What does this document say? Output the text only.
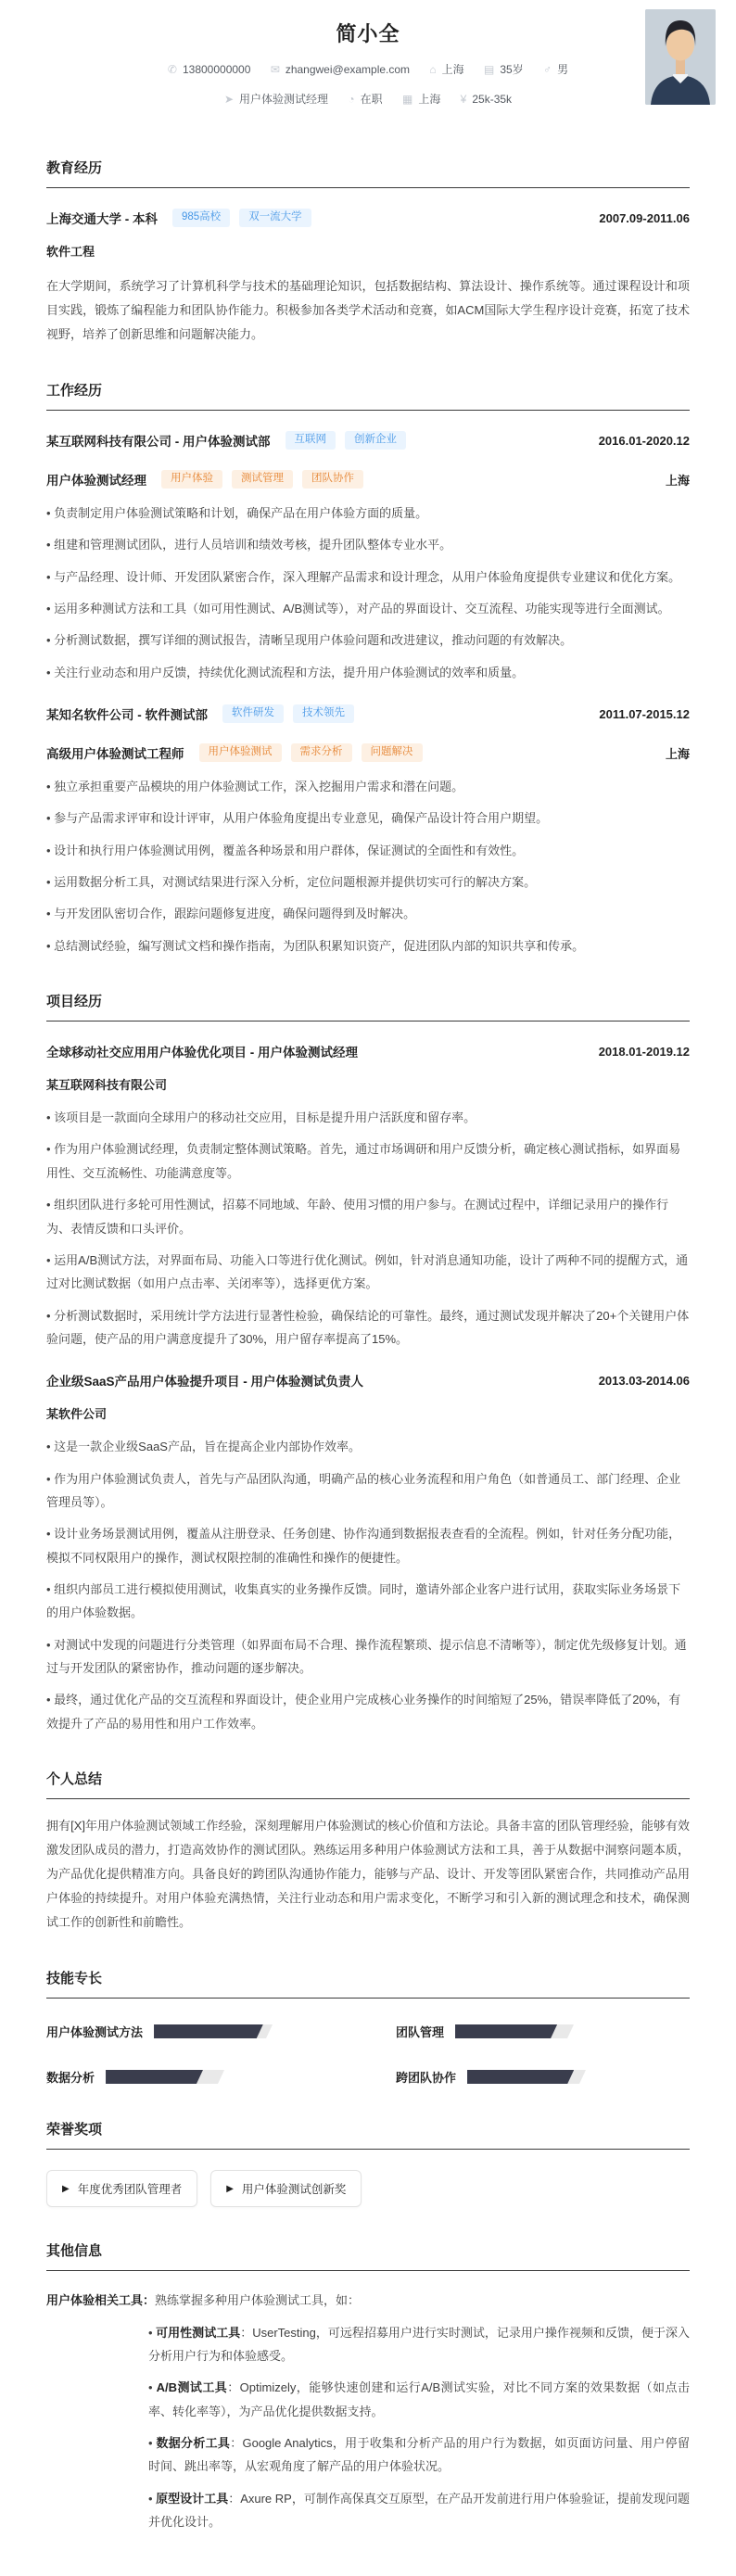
简小全
✆ 13800000000
✉ zhangwei@example.com
⌂ 上海
▤ 35岁
♂ 男
➤ 用户体验测试经理
◔ 在职
▦ 上海
¥ 25k-35k
教育经历
上海交通大学 - 本科	985高校	双一流大学	2007.09-2011.06
软件工程

在大学期间，系统学习了计算机科学与技术的基础理论知识，包括数据结构、算法设计、操作系统等。通过课程设计和项目实践，锻炼了编程能力和团队协作能力。积极参加各类学术活动和竞赛，如ACM国际大学生程序设计竞赛，拓宽了技术视野，培养了创新思维和问题解决能力。

工作经历
某互联网科技有限公司 - 用户体验测试部	互联网	创新企业	2016.01-2020.12
用户体验测试经理	用户体验	测试管理	团队协作	上海
• 负责制定用户体验测试策略和计划，确保产品在用户体验方面的质量。
• 组建和管理测试团队，进行人员培训和绩效考核，提升团队整体专业水平。
• 与产品经理、设计师、开发团队紧密合作，深入理解产品需求和设计理念，从用户体验角度提供专业建议和优化方案。
• 运用多种测试方法和工具（如可用性测试、A/B测试等），对产品的界面设计、交互流程、功能实现等进行全面测试。
• 分析测试数据，撰写详细的测试报告，清晰呈现用户体验问题和改进建议，推动问题的有效解决。
• 关注行业动态和用户反馈，持续优化测试流程和方法，提升用户体验测试的效率和质量。
某知名软件公司 - 软件测试部	软件研发	技术领先	2011.07-2015.12
高级用户体验测试工程师	用户体验测试	需求分析	问题解决	上海
• 独立承担重要产品模块的用户体验测试工作，深入挖掘用户需求和潜在问题。
• 参与产品需求评审和设计评审，从用户体验角度提出专业意见，确保产品设计符合用户期望。
• 设计和执行用户体验测试用例，覆盖各种场景和用户群体，保证测试的全面性和有效性。
• 运用数据分析工具，对测试结果进行深入分析，定位问题根源并提供切实可行的解决方案。
• 与开发团队密切合作，跟踪问题修复进度，确保问题得到及时解决。
• 总结测试经验，编写测试文档和操作指南，为团队积累知识资产，促进团队内部的知识共享和传承。
项目经历
全球移动社交应用用户体验优化项目 - 用户体验测试经理	2018.01-2019.12
某互联网科技有限公司
• 该项目是一款面向全球用户的移动社交应用，目标是提升用户活跃度和留存率。
• 作为用户体验测试经理，负责制定整体测试策略。首先，通过市场调研和用户反馈分析，确定核心测试指标，如界面易用性、交互流畅性、功能满意度等。
• 组织团队进行多轮可用性测试，招募不同地域、年龄、使用习惯的用户参与。在测试过程中，详细记录用户的操作行为、表情反馈和口头评价。
• 运用A/B测试方法，对界面布局、功能入口等进行优化测试。例如，针对消息通知功能，设计了两种不同的提醒方式，通过对比测试数据（如用户点击率、关闭率等），选择更优方案。
• 分析测试数据时，采用统计学方法进行显著性检验，确保结论的可靠性。最终，通过测试发现并解决了20+个关键用户体验问题，使产品的用户满意度提升了30%，用户留存率提高了15%。
企业级SaaS产品用户体验提升项目 - 用户体验测试负责人	2013.03-2014.06
某软件公司
• 这是一款企业级SaaS产品，旨在提高企业内部协作效率。
• 作为用户体验测试负责人，首先与产品团队沟通，明确产品的核心业务流程和用户角色（如普通员工、部门经理、企业管理员等）。
• 设计业务场景测试用例，覆盖从注册登录、任务创建、协作沟通到数据报表查看的全流程。例如，针对任务分配功能，模拟不同权限用户的操作，测试权限控制的准确性和操作的便捷性。
• 组织内部员工进行模拟使用测试，收集真实的业务操作反馈。同时，邀请外部企业客户进行试用，获取实际业务场景下的用户体验数据。
• 对测试中发现的问题进行分类管理（如界面布局不合理、操作流程繁琐、提示信息不清晰等），制定优先级修复计划。通过与开发团队的紧密协作，推动问题的逐步解决。
• 最终，通过优化产品的交互流程和界面设计，使企业用户完成核心业务操作的时间缩短了25%，错误率降低了20%，有效提升了产品的易用性和用户工作效率。
个人总结

拥有[X]年用户体验测试领域工作经验，深刻理解用户体验测试的核心价值和方法论。具备丰富的团队管理经验，能够有效激发团队成员的潜力，打造高效协作的测试团队。熟练运用多种用户体验测试方法和工具，善于从数据中洞察问题本质，为产品优化提供精准方向。具备良好的跨团队沟通协作能力，能够与产品、设计、开发等团队紧密合作，共同推动产品用户体验的持续提升。对用户体验充满热情，关注行业动态和用户需求变化，不断学习和引入新的测试理念和技术，确保测试工作的创新性和前瞻性。

技能专长
用户体验测试方法	团队管理
数据分析	跨团队协作
荣誉奖项
▶ 年度优秀团队管理者	▶ 用户体验测试创新奖
其他信息

用户体验相关工具：熟练掌握多种用户体验测试工具，如：

• 可用性测试工具：UserTesting，可远程招募用户进行实时测试，记录用户操作视频和反馈，便于深入分析用户行为和体验感受。
• A/B测试工具：Optimizely，能够快速创建和运行A/B测试实验，对比不同方案的效果数据（如点击率、转化率等），为产品优化提供数据支持。
• 数据分析工具：Google Analytics，用于收集和分析产品的用户行为数据，如页面访问量、用户停留时间、跳出率等，从宏观角度了解产品的用户体验状况。
• 原型设计工具：Axure RP，可制作高保真交互原型，在产品开发前进行用户体验验证，提前发现问题并优化设计。
